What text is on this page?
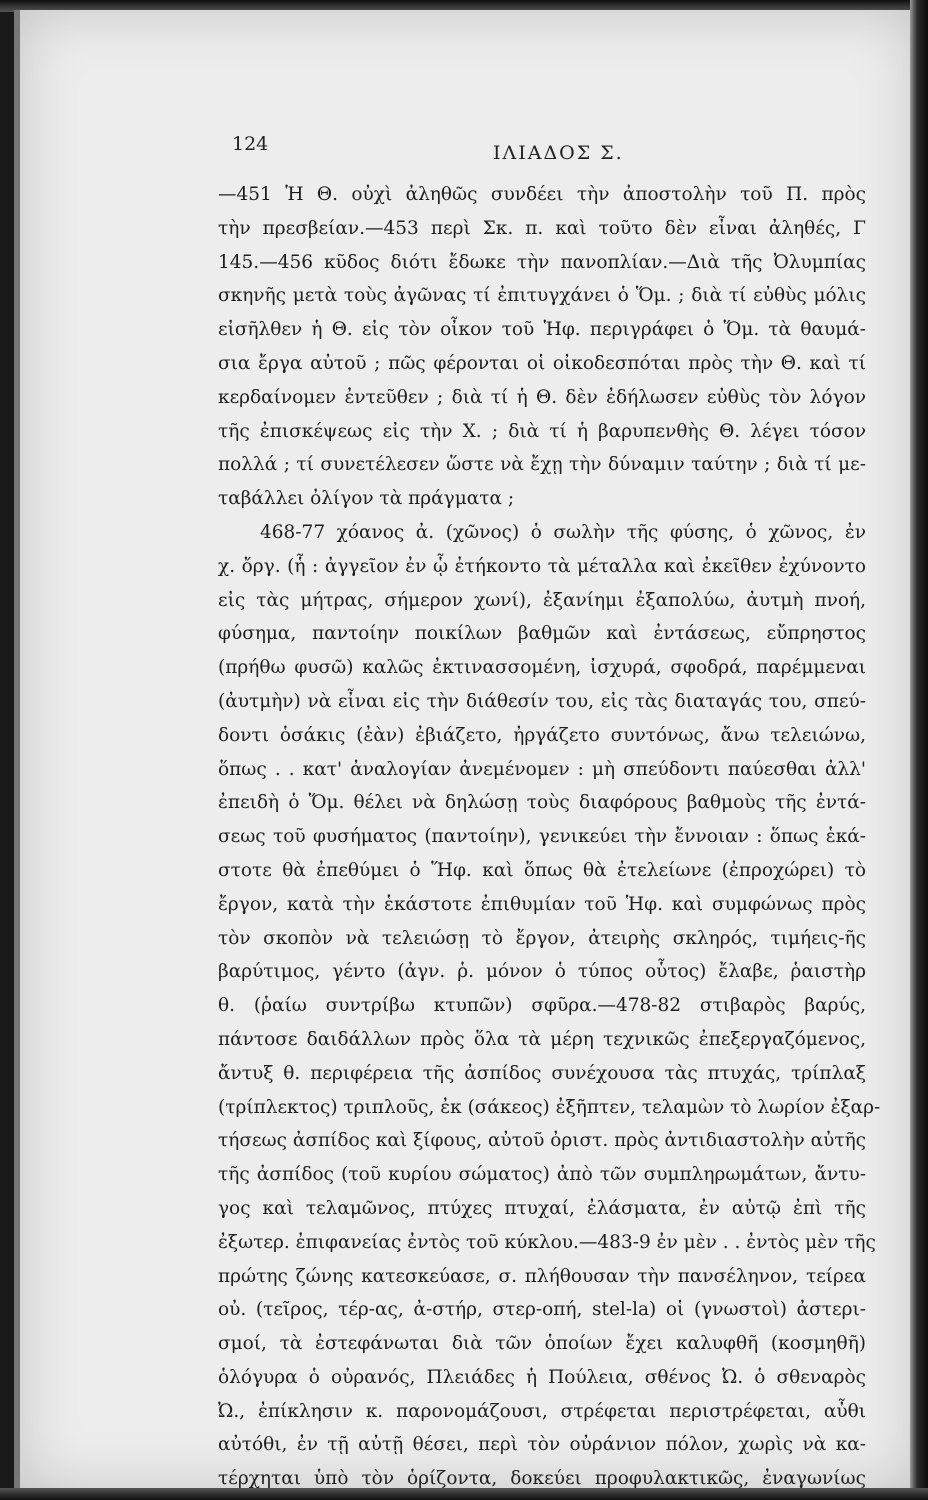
124	ΙΛΙΑΔΟΣ Σ.
—451 Ἡ Θ. οὐχὶ ἀληθῶς συνδέει τὴν ἀποστολὴν τοῦ Π. πρὸς
τὴν πρεσβείαν.—453 περὶ Σκ. π. καὶ τοῦτο δὲν εἶναι ἀληθές, Γ
145.—456 κῦδος διότι ἔδωκε τὴν πανοπλίαν.—Διὰ τῆς Ὀλυμπίας
σκηνῆς μετὰ τοὺς ἀγῶνας τί ἐπιτυγχάνει ὁ Ὅμ. ; διὰ τί εὐθὺς μόλις
εἰσῆλθεν ἡ Θ. εἰς τὸν οἶκον τοῦ Ἡφ. περιγράφει ὁ Ὅμ. τὰ θαυμά-
σια ἔργα αὐτοῦ ; πῶς φέρονται οἱ οἰκοδεσπόται πρὸς τὴν Θ. καὶ τί
κερδαίνομεν ἐντεῦθεν ; διὰ τί ἡ Θ. δὲν ἐδήλωσεν εὐθὺς τὸν λόγον
τῆς ἐπισκέψεως εἰς τὴν Χ. ; διὰ τί ἡ βαρυπενθὴς Θ. λέγει τόσον
πολλά ; τί συνετέλεσεν ὥστε νὰ ἔχῃ τὴν δύναμιν ταύτην ; διὰ τί με-
ταβάλλει ὀλίγον τὰ πράγματα ;
468-77 χόανος ἀ. (χῶνος) ὁ σωλὴν τῆς φύσης, ὁ χῶνος, ἐν
χ. ὄργ. (ἧ : ἀγγεῖον ἐν ᾧ ἐτήκοντο τὰ μέταλλα καὶ ἐκεῖθεν ἐχύνοντο
εἰς τὰς μήτρας, σήμερον χωνί), ἐξανίημι ἐξαπολύω, ἀυτμὴ πνοή,
φύσημα, παντοίην ποικίλων βαθμῶν καὶ ἐντάσεως, εὔπρηστος
(πρήθω φυσῶ) καλῶς ἐκτινασσομένη, ἰσχυρά, σφοδρά, παρέμμεναι
(ἀυτμὴν) νὰ εἶναι εἰς τὴν διάθεσίν του, εἰς τὰς διαταγάς του, σπεύ-
δοντι ὁσάκις (ἐὰν) ἐβιάζετο, ἠργάζετο συντόνως, ἄνω τελειώνω,
ὅπως . . κατ' ἀναλογίαν ἀνεμένομεν : μὴ σπεύδοντι παύεσθαι ἀλλ'
ἐπειδὴ ὁ Ὅμ. θέλει νὰ δηλώσῃ τοὺς διαφόρους βαθμοὺς τῆς ἐντά-
σεως τοῦ φυσήματος (παντοίην), γενικεύει τὴν ἔννοιαν : ὅπως ἑκά-
στοτε θὰ ἐπεθύμει ὁ Ἥφ. καὶ ὅπως θὰ ἐτελείωνε (ἐπροχώρει) τὸ
ἔργον, κατὰ τὴν ἑκάστοτε ἐπιθυμίαν τοῦ Ἡφ. καὶ συμφώνως πρὸς
τὸν σκοπὸν νὰ τελειώσῃ τὸ ἔργον, ἀτειρὴς σκληρός, τιμήεις-ῆς
βαρύτιμος, γέντο (ἀγν. ῥ. μόνον ὁ τύπος οὗτος) ἔλαβε, ῥαιστὴρ
θ. (ῥαίω συντρίβω κτυπῶν) σφῦρα.—478-82 στιβαρὸς βαρύς,
πάντοσε δαιδάλλων πρὸς ὅλα τὰ μέρη τεχνικῶς ἐπεξεργαζόμενος,
ἄντυξ θ. περιφέρεια τῆς ἀσπίδος συνέχουσα τὰς πτυχάς, τρίπλαξ
(τρίπλεκτος) τριπλοῦς, ἐκ (σάκεος) ἐξῆπτεν, τελαμὼν τὸ λωρίον ἐξαρ-
τήσεως ἀσπίδος καὶ ξίφους, αὐτοῦ ὀριστ. πρὸς ἀντιδιαστολὴν αὐτῆς
τῆς ἀσπίδος (τοῦ κυρίου σώματος) ἀπὸ τῶν συμπληρωμάτων, ἄντυ-
γος καὶ τελαμῶνος, πτύχες πτυχαί, ἐλάσματα, ἐν αὐτῷ ἐπὶ τῆς
ἐξωτερ. ἐπιφανείας ἐντὸς τοῦ κύκλου.—483-9 ἐν μὲν . . ἐντὸς μὲν τῆς
πρώτης ζώνης κατεσκεύασε, σ. πλήθουσαν τὴν πανσέληνον, τείρεα
οὐ. (τεῖρος, τέρ-ας, ἀ-στήρ, στερ-οπή, stel-la) οἱ (γνωστοὶ) ἀστερι-
σμοί, τὰ ἐστεφάνωται διὰ τῶν ὁποίων ἔχει καλυφθῆ (κοσμηθῆ)
ὁλόγυρα ὁ οὐρανός, Πλειάδες ἡ Πούλεια, σθένος Ὠ. ὁ σθεναρὸς
Ὠ., ἐπίκλησιν κ. παρονομάζουσι, στρέφεται περιστρέφεται, αὖθι
αὐτόθι, ἐν τῇ αὐτῇ θέσει, περὶ τὸν οὐράνιον πόλον, χωρὶς νὰ κα-
τέρχηται ὑπὸ τὸν ὁρίζοντα, δοκεύει προφυλακτικῶς, ἐναγωνίως
